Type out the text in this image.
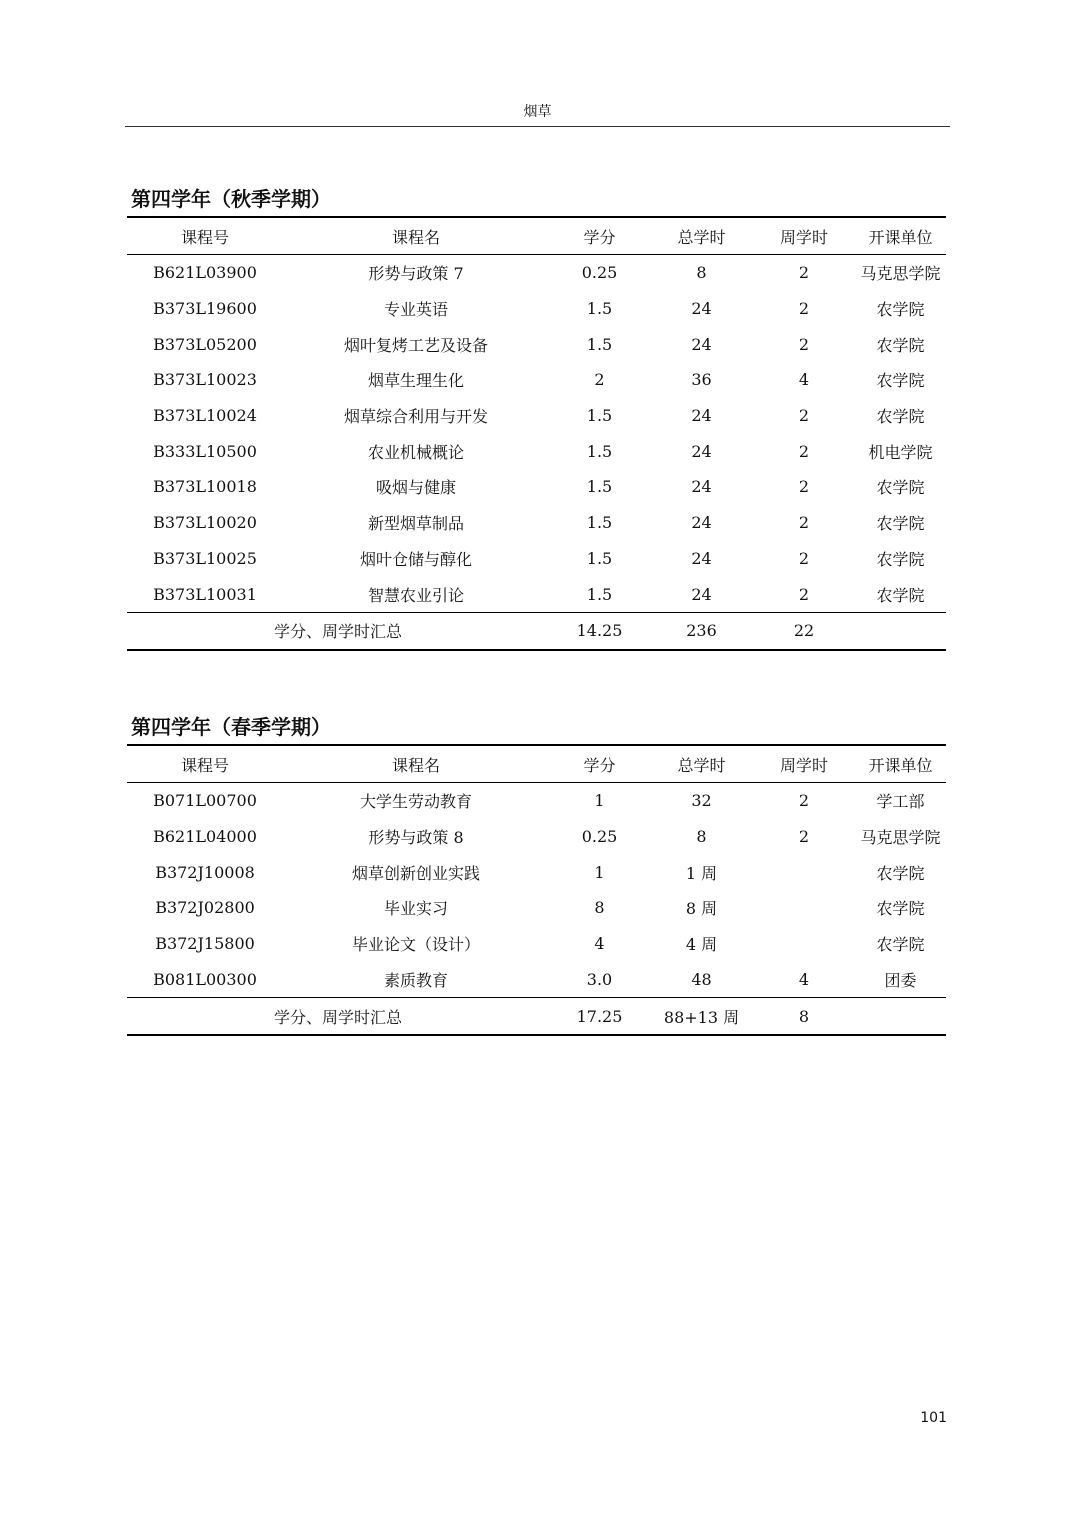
烟草
第四学年（秋季学期）
课程号	课程名	学分	总学时	周学时	开课单位
B621L03900	形势与政策 7	0.25	8	2	马克思学院
B373L19600	专业英语	1.5	24	2	农学院
B373L05200	烟叶复烤工艺及设备	1.5	24	2	农学院
B373L10023	烟草生理生化	2	36	4	农学院
B373L10024	烟草综合利用与开发	1.5	24	2	农学院
B333L10500	农业机械概论	1.5	24	2	机电学院
B373L10018	吸烟与健康	1.5	24	2	农学院
B373L10020	新型烟草制品	1.5	24	2	农学院
B373L10025	烟叶仓储与醇化	1.5	24	2	农学院
B373L10031	智慧农业引论	1.5	24	2	农学院
学分、周学时汇总		14.25	236	22	
第四学年（春季学期）
课程号	课程名	学分	总学时	周学时	开课单位
B071L00700	大学生劳动教育	1	32	2	学工部
B621L04000	形势与政策 8	0.25	8	2	马克思学院
B372J10008	烟草创新创业实践	1	1 周		农学院
B372J02800	毕业实习	8	8 周		农学院
B372J15800	毕业论文（设计）	4	4 周		农学院
B081L00300	素质教育	3.0	48	4	团委
学分、周学时汇总		17.25	88+13 周	8	
101
